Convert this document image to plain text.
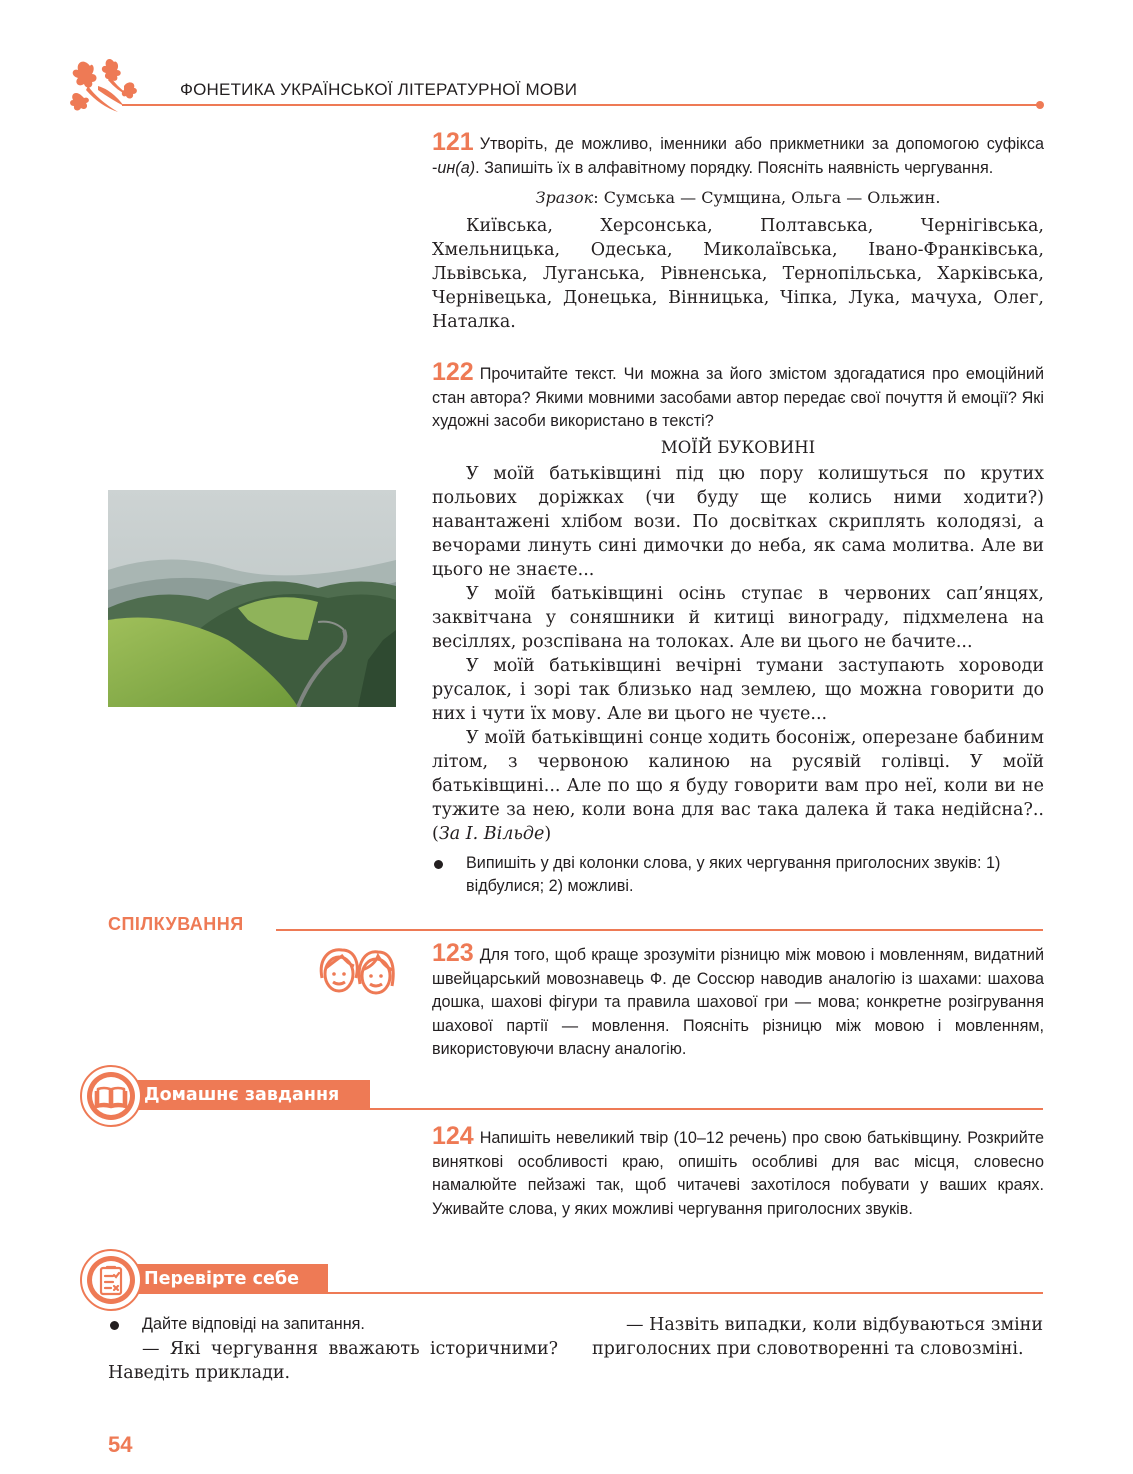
ФОНЕТИКА УКРАЇНСЬКОЇ ЛІТЕРАТУРНОЇ МОВИ
121 Утворіть, де можливо, іменники або прикметники за допомогою суфікса -ин(а). Запишіть їх в алфавітному порядку. Поясніть наявність чергування.
Зразок: Сумська — Сумщина, Ольга — Ольжин.

Київська, Херсонська, Полтавська, Чернігівська, Хмельницька, Одеська, Миколаївська, Івано-Франківська, Львівська, Луганська, Рівненська, Тернопільська, Харківська, Чернівецька, Донецька, Вінницька, Чіпка, Лука, мачуха, Олег, Наталка.

122 Прочитайте текст. Чи можна за його змістом здогадатися про емоційний стан автора? Якими мовними засобами автор передає свої почуття й емоції? Які художні засоби використано в тексті?
МОЇЙ БУКОВИНІ

У моїй батьківщині під цю пору колишуться по крутих польових доріжках (чи буду ще колись ними ходити?) навантажені хлібом вози. По досвітках скриплять колодязі, а вечорами линуть сині димочки до неба, як сама молитва. Але ви цього не знаєте...

У моїй батьківщині осінь ступає в червоних сап’янцях, заквітчана у соняшники й китиці винограду, підхмелена на весіллях, розспівана на толоках. Але ви цього не бачите...

У моїй батьківщині вечірні тумани заступають хороводи русалок, і зорі так близько над землею, що можна говорити до них і чути їх мову. Але ви цього не чуєте...

У моїй батьківщині сонце ходить босоніж, оперезане бабиним літом, з червоною калиною на русявій голівці. У моїй батьківщині... Але по що я буду говорити вам про неї, коли ви не тужите за нею, коли вона для вас така далека й така недійсна?.. (За І. Вільде)

Випишіть у дві колонки слова, у яких чергування приголосних звуків: 1) відбулися; 2) можливі.
СПІЛКУВАННЯ
123 Для того, щоб краще зрозуміти різницю між мовою і мовленням, видатний швейцарський мовознавець Ф. де Соссюр наводив аналогію із шахами: шахова дошка, шахові фігури та правила шахової гри — мова; конкретне розігрування шахової партії — мовлення. Поясніть різницю між мовою і мовленням, використовуючи власну аналогію.
Домашнє завдання
124 Напишіть невеликий твір (10–12 речень) про свою батьківщину. Розкрийте виняткові особливості краю, опишіть особливі для вас місця, словесно намалюйте пейзажі так, щоб читачеві захотілося побувати у ваших краях. Уживайте слова, у яких можливі чергування приголосних звуків.
Перевірте себе
Дайте відповіді на запитання.

— Які чергування вважають історичними? Наведіть приклади.

— Назвіть випадки, коли відбуваються зміни приголосних при словотворенні та словозміні.

54
